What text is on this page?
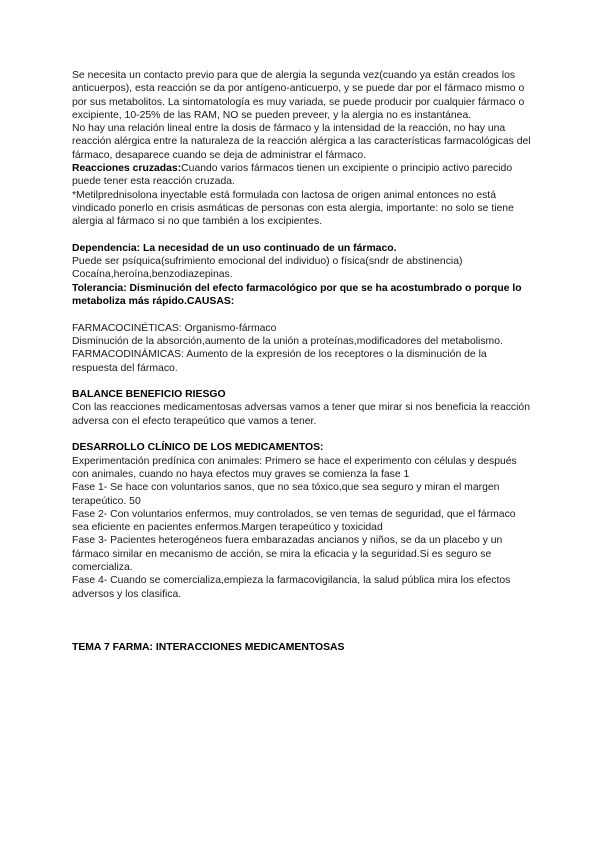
Se necesita un contacto previo para que de alergia la segunda vez(cuando ya están creados los anticuerpos), esta reacción se da por antígeno-anticuerpo, y se puede dar por el fármaco mismo o por sus metabolitos. La sintomatología es muy variada, se puede producir por cualquier fármaco o excipiente, 10-25% de las RAM, NO se pueden preveer, y la alergia no es instantánea.

No hay una relación lineal entre la dosis de fármaco y la intensidad de la reacción, no hay una reacción alérgica entre la naturaleza de la reacción alérgica a las características farmacológicas del fármaco, desaparece cuando se deja de administrar el fármaco.

Reacciones cruzadas:Cuando varios fármacos tienen un excipiente o principio activo parecido puede tener esta reacción cruzada.

*Metilprednisolona inyectable está formulada con lactosa de origen animal entonces no está vindicado ponerlo en crisis asmáticas de personas con esta alergia, importante: no solo se tiene alergia al fármaco si no que también a los excipientes.

Dependencia: La necesidad de un uso continuado de un fármaco.

Puede ser psíquica(sufrimiento emocional del individuo) o física(sndr de abstinencia)

Cocaína,heroína,benzodiazepinas.

Tolerancia: Disminución del efecto farmacológico por que se ha acostumbrado o porque lo metaboliza más rápido.CAUSAS:

FARMACOCINÉTICAS: Organismo-fármaco

Disminución de la absorción,aumento de la unión a proteínas,modificadores del metabolismo.

FARMACODINÁMICAS: Aumento de la expresión de los receptores o la disminución de la respuesta del fármaco.

BALANCE BENEFICIO RIESGO

Con las reacciones medicamentosas adversas vamos a tener que mirar si nos beneficia la reacción adversa con el efecto terapeútico que vamos a tener.

DESARROLLO CLÍNICO DE LOS MEDICAMENTOS:

Experimentación predínica con animales: Primero se hace el experimento con células y después con animales, cuando no haya efectos muy graves se comienza la fase 1

Fase 1- Se hace con voluntarios sanos, que no sea tóxico,que sea seguro y miran el margen terapeútico. 50

Fase 2- Con voluntarios enfermos, muy controlados, se ven temas de seguridad, que el fármaco sea eficiente en pacientes enfermos.Margen terapeútico y toxicidad

Fase 3- Pacientes heterogéneos fuera embarazadas ancianos y niños, se da un placebo y un fármaco similar en mecanismo de acción, se mira la eficacia y la seguridad.Si es seguro se comercializa.

Fase 4- Cuando se comercializa,empieza la farmacovigilancia, la salud pública mira los efectos adversos y los clasifica.

TEMA 7 FARMA: INTERACCIONES MEDICAMENTOSAS
